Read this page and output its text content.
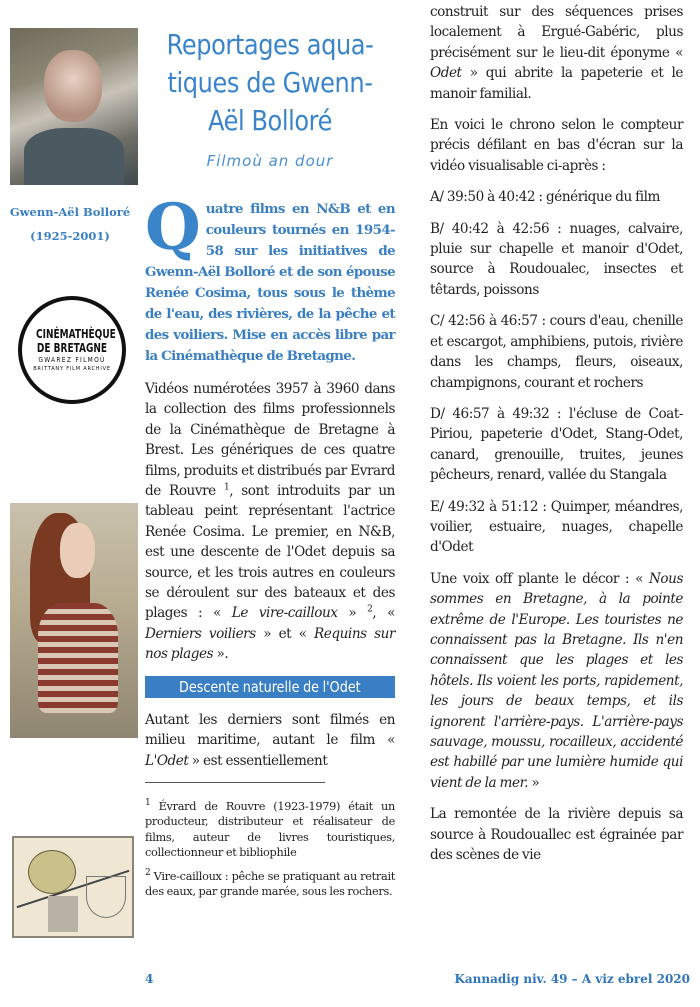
Gwenn-Aël Bolloré
(1925-2001)
CINÉMATHÈQUE
DE BRETAGNE
GWAREZ FILMOÙ
BRITTANY FILM ARCHIVE
Reportages aqua-
tiques de Gwenn-
Aël Bolloré
Filmoù an dour
Quatre films en N&B et en couleurs tournés en 1954-58 sur les initiatives de Gwenn-Aël Bolloré et de son épouse Renée Cosima, tous sous le thème de l'eau, des rivières, de la pêche et des voiliers. Mise en accès libre par la Cinémathèque de Bretagne.

Vidéos numérotées 3957 à 3960 dans la collection des films professionnels de la Cinémathèque de Bretagne à Brest. Les génériques de ces quatre films, produits et distribués par Evrard de Rouvre $^1$, sont introduits par un tableau peint représentant l'actrice Renée Cosima. Le premier, en N&B, est une descente de l'Odet depuis sa source, et les trois autres en couleurs se déroulent sur des bateaux et des plages : « Le vire-cailloux » $^2$, « Derniers voiliers » et « Requins sur nos plages ».

Descente naturelle de l'Odet

Autant les derniers sont filmés en milieu maritime, autant le film « L'Odet » est essentiellement

$^1$ Évrard de Rouvre (1923-1979) était un producteur, distributeur et réalisateur de films, auteur de livres touristiques, collectionneur et bibliophile

$^2$ Vire-cailloux : pêche se pratiquant au retrait des eaux, par grande marée, sous les rochers.

construit sur des séquences prises localement à Ergué-Gabéric, plus précisément sur le lieu-dit éponyme « Odet » qui abrite la papeterie et le manoir familial.

En voici le chrono selon le compteur précis défilant en bas d'écran sur la vidéo visualisable ci-après :

A/ 39:50 à 40:42 : générique du film

B/ 40:42 à 42:56 : nuages, calvaire, pluie sur chapelle et manoir d'Odet, source à Roudoualec, insectes et têtards, poissons

C/ 42:56 à 46:57 : cours d'eau, chenille et escargot, amphibiens, putois, rivière dans les champs, fleurs, oiseaux, champignons, courant et rochers

D/ 46:57 à 49:32 : l'écluse de Coat-Piriou, papeterie d'Odet, Stang-Odet, canard, grenouille, truites, jeunes pêcheurs, renard, vallée du Stangala

E/ 49:32 à 51:12 : Quimper, méandres, voilier, estuaire, nuages, chapelle d'Odet

Une voix off plante le décor : « Nous sommes en Bretagne, à la pointe extrême de l'Europe. Les touristes ne connaissent pas la Bretagne. Ils n'en connaissent que les plages et les hôtels. Ils voient les ports, rapidement, les jours de beaux temps, et ils ignorent l'arrière-pays. L'arrière-pays sauvage, moussu, rocailleux, accidenté est habillé par une lumière humide qui vient de la mer. »

La remontée de la rivière depuis sa source à Roudouallec est égrainée par des scènes de vie

4	Kannadig niv. 49 – A viz ebrel 2020
